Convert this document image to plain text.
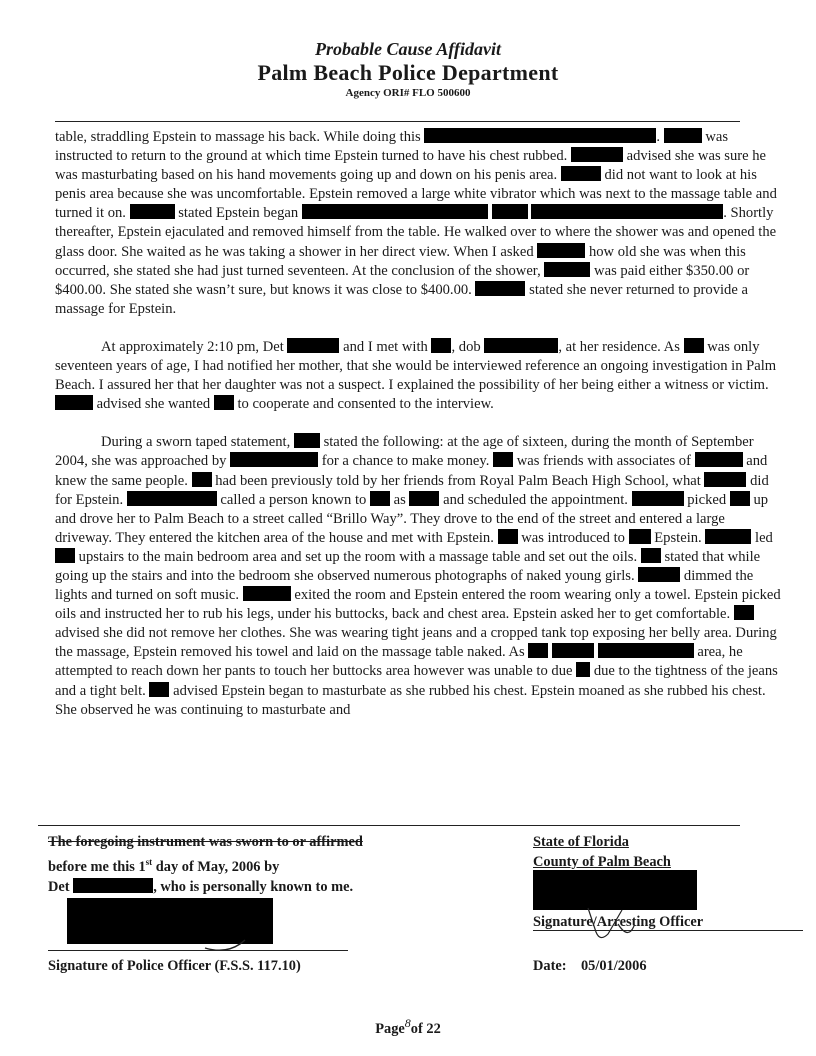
Probable Cause Affidavit
Palm Beach Police Department
Agency ORI# FLO 500600

table, straddling Epstein to massage his back. While doing this	.	was instructed to return to the ground at which time Epstein turned to have his chest rubbed.	advised she was sure he was masturbating based on his hand movements going up and down on his penis area.	did not want to look at his penis area because she was uncomfortable. Epstein removed a large white vibrator which was next to the massage table and turned it on.	stated Epstein began	. Shortly thereafter, Epstein ejaculated and removed himself from the table. He walked over to where the shower was and opened the glass door. She waited as he was taking a shower in her direct view. When I asked	how old she was when this occurred, she stated she had just turned seventeen. At the conclusion of the shower,	was paid either $350.00 or $400.00. She stated she wasn’t sure, but knows it was close to $400.00.	stated she never returned to provide a massage for Epstein.

At approximately 2:10 pm, Det	and I met with , dob	, at her residence. As was only seventeen years of age, I had notified her mother, that she would be interviewed reference an ongoing investigation in Palm Beach. I assured her that her daughter was not a suspect. I explained the possibility of her being either a witness or victim.  advised she wanted to cooperate and consented to the interview.

During a sworn taped statement, stated the following: at the age of sixteen, during the month of September 2004, she was approached by	for a chance to make money. was friends with associates of	and knew the same people. had been previously told by her friends from Royal Palm Beach High School, what	did for Epstein.	called a person known to as	and scheduled the appointment.	picked up and drove her to Palm Beach to a street called “Brillo Way”. They drove to the end of the street and entered a large driveway. They entered the kitchen area of the house and met with Epstein. was introduced to Epstein.	led  upstairs to the main bedroom area and set up the room with a massage table and set out the oils. stated that while going up the stairs and into the bedroom she observed numerous photographs of naked young girls.	dimmed the lights and turned on soft music.	exited the room and Epstein entered the room wearing only a towel. Epstein picked oils and instructed her to rub his legs, under his buttocks, back and chest area. Epstein asked her to get comfortable.  advised she did not remove her clothes. She was wearing tight jeans and a cropped tank top exposing her belly area. During the massage, Epstein removed his towel and laid on the massage table naked. As	area, he attempted to reach down her pants to touch her buttocks area however was unable to due due to the tightness of the jeans and a tight belt. advised Epstein began to masturbate as she rubbed his chest. Epstein moaned as she rubbed his chest. She observed he was continuing to masturbate and

The foregoing instrument was sworn to or affirmed
before me this 1st day of May, 2006 by
Det	, who is personally known to me.
Signature of Police Officer (F.S.S. 117.10)
State of Florida
County of Palm Beach
Signature/Arresting Officer
Date: 05/01/2006
Page$^8$of 22
